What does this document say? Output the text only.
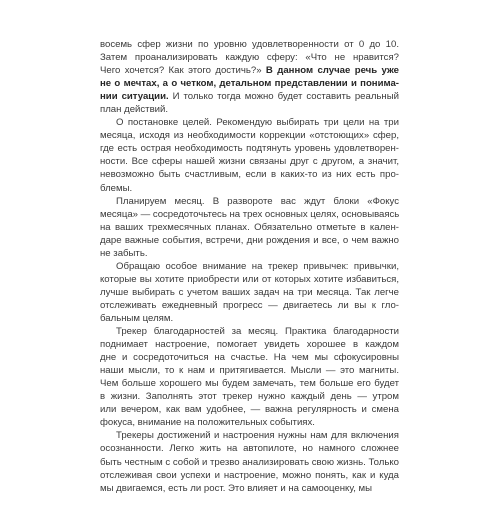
восемь сфер жизни по уровню удовлетворенности от 0 до 10.
Затем проанализировать каждую сферу: «Что не нравится?
Чего хочется? Как этого достичь?» В данном случае речь уже
не о мечтах, а о четком, детальном представлении и понима-
нии ситуации. И только тогда можно будет составить реальный
план действий.
О постановке целей. Рекомендую выбирать три цели на три
месяца, исходя из необходимости коррекции «отстоющих» сфер,
где есть острая необходимость подтянуть уровень удовлетворен-
ности. Все сферы нашей жизни связаны друг с другом, а значит,
невозможно быть счастливым, если в каких-то из них есть про-
блемы.
Планируем месяц. В развороте вас ждут блоки «Фокус
месяца» — сосредоточьтесь на трех основных целях, основываясь
на ваших трехмесячных планах. Обязательно отметьте в кален-
даре важные события, встречи, дни рождения и все, о чем важно
не забыть.
Обращаю особое внимание на трекер привычек: привычки,
которые вы хотите приобрести или от которых хотите избавиться,
лучше выбирать с учетом ваших задач на три месяца. Так легче
отслеживать ежедневный прогресс — двигаетесь ли вы к гло-
бальным целям.
Трекер благодарностей за месяц. Практика благодарности
поднимает настроение, помогает увидеть хорошее в каждом
дне и сосредоточиться на счастье. На чем мы сфокусировны
наши мысли, то к нам и притягивается. Мысли — это магниты.
Чем больше хорошего мы будем замечать, тем больше его будет
в жизни. Заполнять этот трекер нужно каждый день — утром
или вечером, как вам удобнее, — важна регулярность и смена
фокуса, внимание на положительных событиях.
Трекеры достижений и настроения нужны нам для включения
осознанности. Легко жить на автопилоте, но намного сложнее
быть честным с собой и трезво анализировать свою жизнь. Только
отслеживая свои успехи и настроение, можно понять, как и куда
мы двигаемся, есть ли рост. Это влияет и на самооценку, мы
